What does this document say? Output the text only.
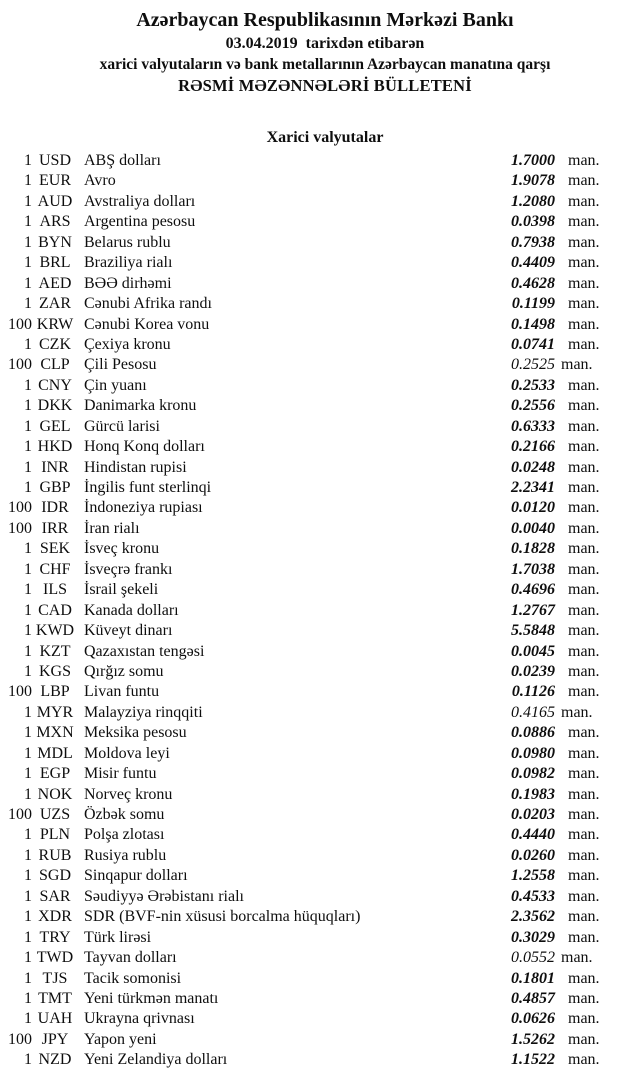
Azərbaycan Respublikasının Mərkəzi Bankı
03.04.2019  tarixdən etibarən
xarici valyutaların və bank metallarının Azərbaycan manatına qarşı
RƏSMİ MƏZƏNNƏLƏRİ BÜLLETENİ
Xarici valyutalar
1 USD ABŞ dolları	1.7000 man.
1 EUR Avro	1.9078 man.
1 AUD Avstraliya dolları	1.2080 man.
1 ARS Argentina pesosu	0.0398 man.
1 BYN Belarus rublu	0.7938 man.
1 BRL Braziliya rialı	0.4409 man.
1 AED BƏƏ dirhəmi	0.4628 man.
1 ZAR Cənubi Afrika randı	0.1199 man.
100 KRW Cənubi Korea vonu	0.1498 man.
1 CZK Çexiya kronu	0.0741 man.
100 CLP Çili Pesosu	0.2525 man.
1 CNY Çin yuanı	0.2533 man.
1 DKK Danimarka kronu	0.2556 man.
1 GEL Gürcü larisi	0.6333 man.
1 HKD Honq Konq dolları	0.2166 man.
1 INR Hindistan rupisi	0.0248 man.
1 GBP İngilis funt sterlinqi	2.2341 man.
100 IDR İndoneziya rupiası	0.0120 man.
100 IRR İran rialı	0.0040 man.
1 SEK İsveç kronu	0.1828 man.
1 CHF İsveçrə frankı	1.7038 man.
1 ILS	İsrail şekeli	0.4696 man.
1 CAD Kanada dolları	1.2767 man.
1 KWD Küveyt dinarı	5.5848 man.
1 KZT Qazaxıstan tengəsi	0.0045 man.
1 KGS Qırğız somu	0.0239 man.
100 LBP Livan funtu	0.1126 man.
1 MYR Malayziya rinqqiti	0.4165 man.
1 MXN Meksika pesosu	0.0886 man.
1 MDL Moldova leyi	0.0980 man.
1 EGP Misir funtu	0.0982 man.
1 NOK Norveç kronu	0.1983 man.
100 UZS Özbək somu	0.0203 man.
1 PLN Polşa zlotası	0.4440 man.
1 RUB Rusiya rublu	0.0260 man.
1 SGD Sinqapur dolları	1.2558 man.
1 SAR Səudiyyə Ərəbistanı rialı	0.4533 man.
1 XDR SDR (BVF-nin xüsusi borcalma hüquqları)	2.3562 man.
1 TRY Türk lirəsi	0.3029 man.
1 TWD Tayvan dolları	0.0552 man.
1 TJS	Tacik somonisi	0.1801 man.
1 TMT Yeni türkmən manatı	0.4857 man.
1 UAH Ukrayna qrivnası	0.0626 man.
100 JPY Yapon yeni	1.5262 man.
1 NZD Yeni Zelandiya dolları	1.1522 man.
